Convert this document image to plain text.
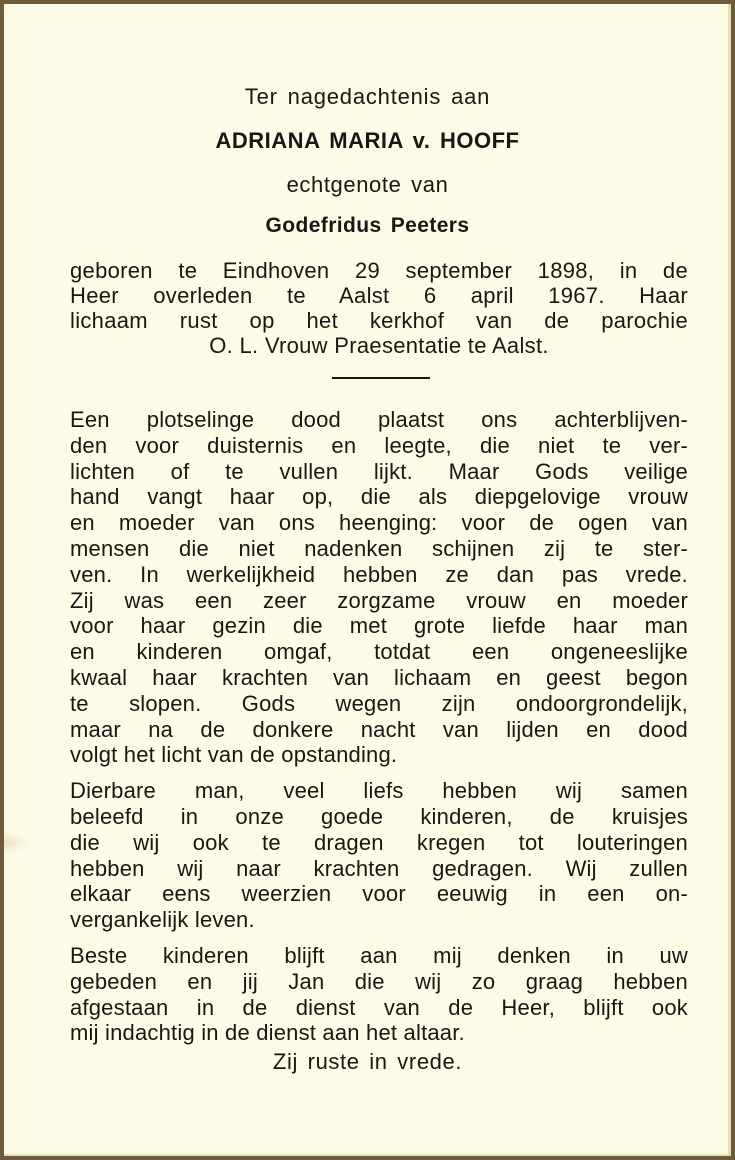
Ter nagedachtenis aan
ADRIANA MARIA v. HOOFF
echtgenote van
Godefridus Peeters
geboren te Eindhoven 29 september 1898, in de
Heer overleden te Aalst 6 april 1967. Haar
lichaam rust op het kerkhof van de parochie
O. L. Vrouw Praesentatie te Aalst.
Een plotselinge dood plaatst ons achterblijven-
den voor duisternis en leegte, die niet te ver-
lichten of te vullen lijkt. Maar Gods veilige
hand vangt haar op, die als diepgelovige vrouw
en moeder van ons heenging: voor de ogen van
mensen die niet nadenken schijnen zij te ster-
ven. In werkelijkheid hebben ze dan pas vrede.
Zij was een zeer zorgzame vrouw en moeder
voor haar gezin die met grote liefde haar man
en kinderen omgaf, totdat een ongeneeslijke
kwaal haar krachten van lichaam en geest begon
te slopen. Gods wegen zijn ondoorgrondelijk,
maar na de donkere nacht van lijden en dood
volgt het licht van de opstanding.
Dierbare man, veel liefs hebben wij samen
beleefd in onze goede kinderen, de kruisjes
die wij ook te dragen kregen tot louteringen
hebben wij naar krachten gedragen. Wij zullen
elkaar eens weerzien voor eeuwig in een on-
vergankelijk leven.
Beste kinderen blijft aan mij denken in uw
gebeden en jij Jan die wij zo graag hebben
afgestaan in de dienst van de Heer, blijft ook
mij indachtig in de dienst aan het altaar.
Zij ruste in vrede.
